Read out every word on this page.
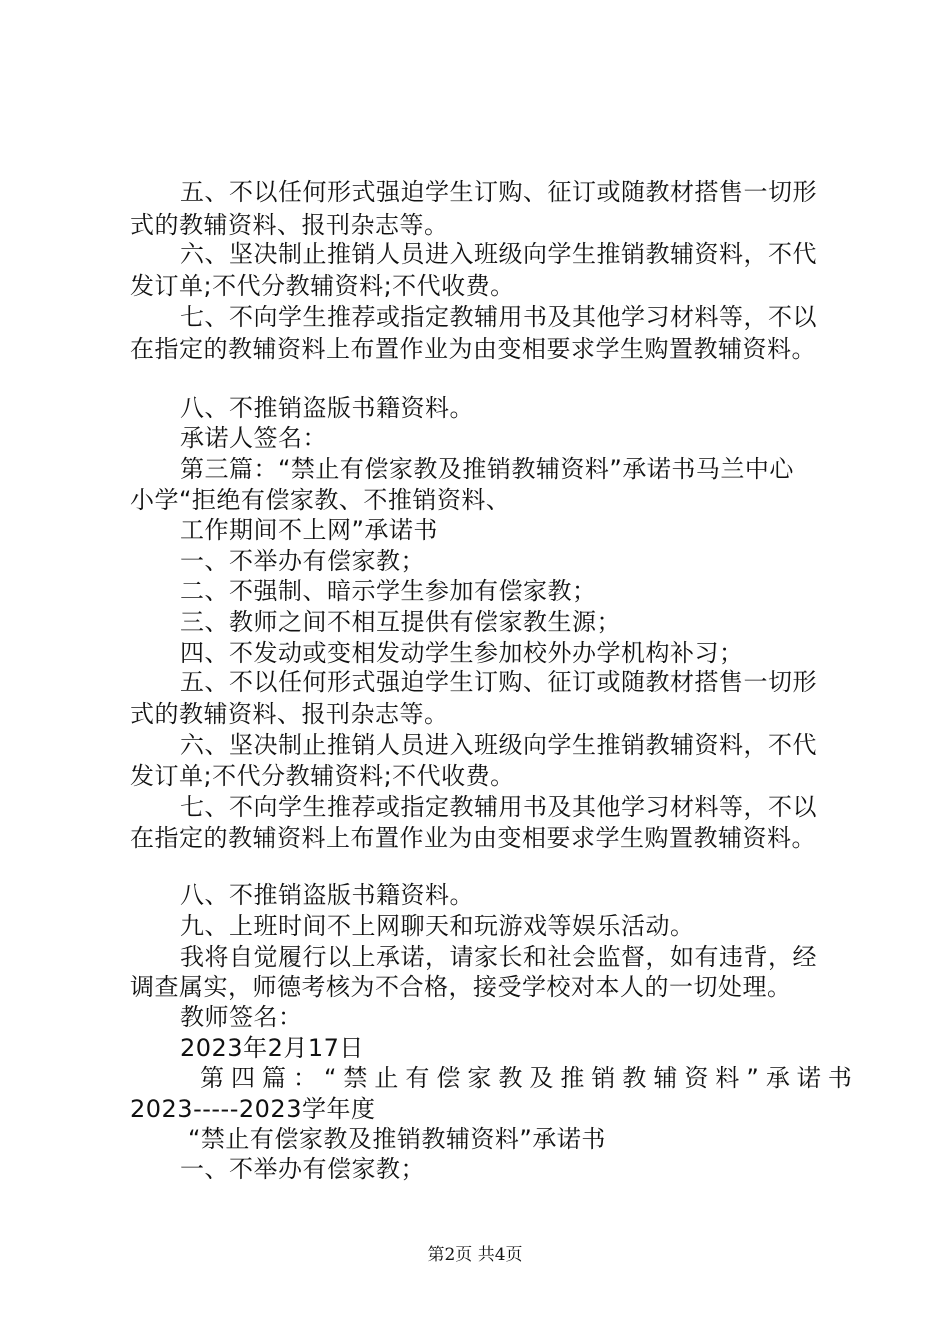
五、不以任何形式强迫学生订购、征订或随教材搭售一切形
式的教辅资料、报刊杂志等。
六、坚决制止推销人员进入班级向学生推销教辅资料，不代
发订单;不代分教辅资料;不代收费。
七、不向学生推荐或指定教辅用书及其他学习材料等，不以
在指定的教辅资料上布置作业为由变相要求学生购置教辅资料。
八、不推销盗版书籍资料。
承诺人签名：
第三篇：“禁止有偿家教及推销教辅资料”承诺书马兰中心
小学“拒绝有偿家教、不推销资料、
工作期间不上网”承诺书
一、不举办有偿家教；
二、不强制、暗示学生参加有偿家教；
三、教师之间不相互提供有偿家教生源；
四、不发动或变相发动学生参加校外办学机构补习；
五、不以任何形式强迫学生订购、征订或随教材搭售一切形
式的教辅资料、报刊杂志等。
六、坚决制止推销人员进入班级向学生推销教辅资料，不代
发订单;不代分教辅资料;不代收费。
七、不向学生推荐或指定教辅用书及其他学习材料等，不以
在指定的教辅资料上布置作业为由变相要求学生购置教辅资料。
八、不推销盗版书籍资料。
九、上班时间不上网聊天和玩游戏等娱乐活动。
我将自觉履行以上承诺，请家长和社会监督，如有违背，经
调查属实，师德考核为不合格，接受学校对本人的一切处理。
教师签名：
2023年2月17日
第四篇：“禁止有偿家教及推销教辅资料”承诺书
2023-----2023学年度
“禁止有偿家教及推销教辅资料”承诺书
一、不举办有偿家教；
第2页 共4页
